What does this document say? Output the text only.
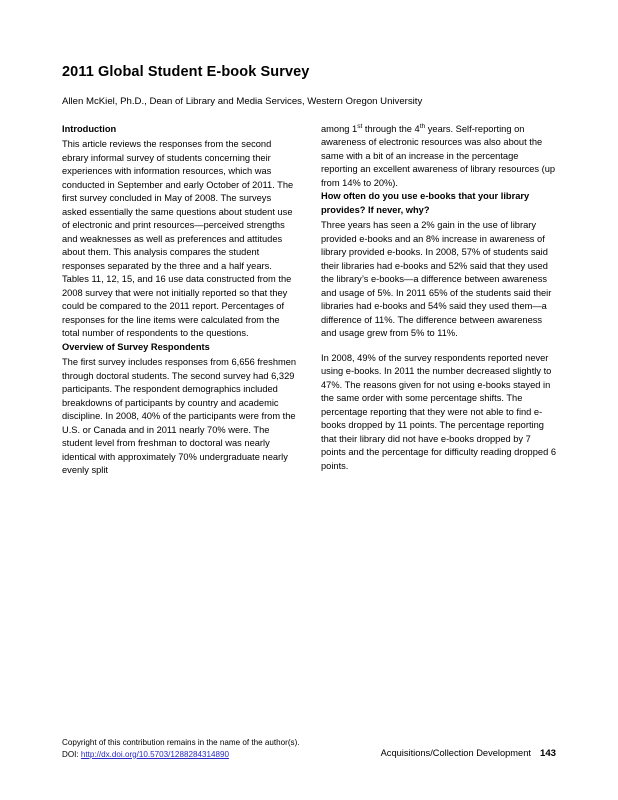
2011 Global Student E-book Survey
Allen McKiel, Ph.D., Dean of Library and Media Services, Western Oregon University
Introduction

This article reviews the responses from the second ebrary informal survey of students concerning their experiences with information resources, which was conducted in September and early October of 2011. The first survey concluded in May of 2008. The surveys asked essentially the same questions about student use of electronic and print resources—perceived strengths and weaknesses as well as preferences and attitudes about them. This analysis compares the student responses separated by the three and a half years. Tables 11, 12, 15, and 16 use data constructed from the 2008 survey that were not initially reported so that they could be compared to the 2011 report. Percentages of responses for the line items were calculated from the total number of respondents to the questions.

Overview of Survey Respondents

The first survey includes responses from 6,656 freshmen through doctoral students. The second survey had 6,329 participants. The respondent demographics included breakdowns of participants by country and academic discipline. In 2008, 40% of the participants were from the U.S. or Canada and in 2011 nearly 70% were. The student level from freshman to doctoral was nearly identical with approximately 70% undergraduate nearly evenly split

among 1st through the 4th years. Self-reporting on awareness of electronic resources was also about the same with a bit of an increase in the percentage reporting an excellent awareness of library resources (up from 14% to 20%).

How often do you use e-books that your library provides? If never, why?

Three years has seen a 2% gain in the use of library provided e-books and an 8% increase in awareness of library provided e-books. In 2008, 57% of students said their libraries had e-books and 52% said that they used the library’s e-books—a difference between awareness and usage of 5%. In 2011 65% of the students said their libraries had e-books and 54% said they used them—a difference of 11%. The difference between awareness and usage grew from 5% to 11%.

In 2008, 49% of the survey respondents reported never using e-books. In 2011 the number decreased slightly to 47%. The reasons given for not using e-books stayed in the same order with some percentage shifts. The percentage reporting that they were not able to find e-books dropped by 11 points. The percentage reporting that their library did not have e-books dropped by 7 points and the percentage for difficulty reading dropped 6 points.

Copyright of this contribution remains in the name of the author(s).
DOI: http://dx.doi.org/10.5703/1288284314890	Acquisitions/Collection Development 143
